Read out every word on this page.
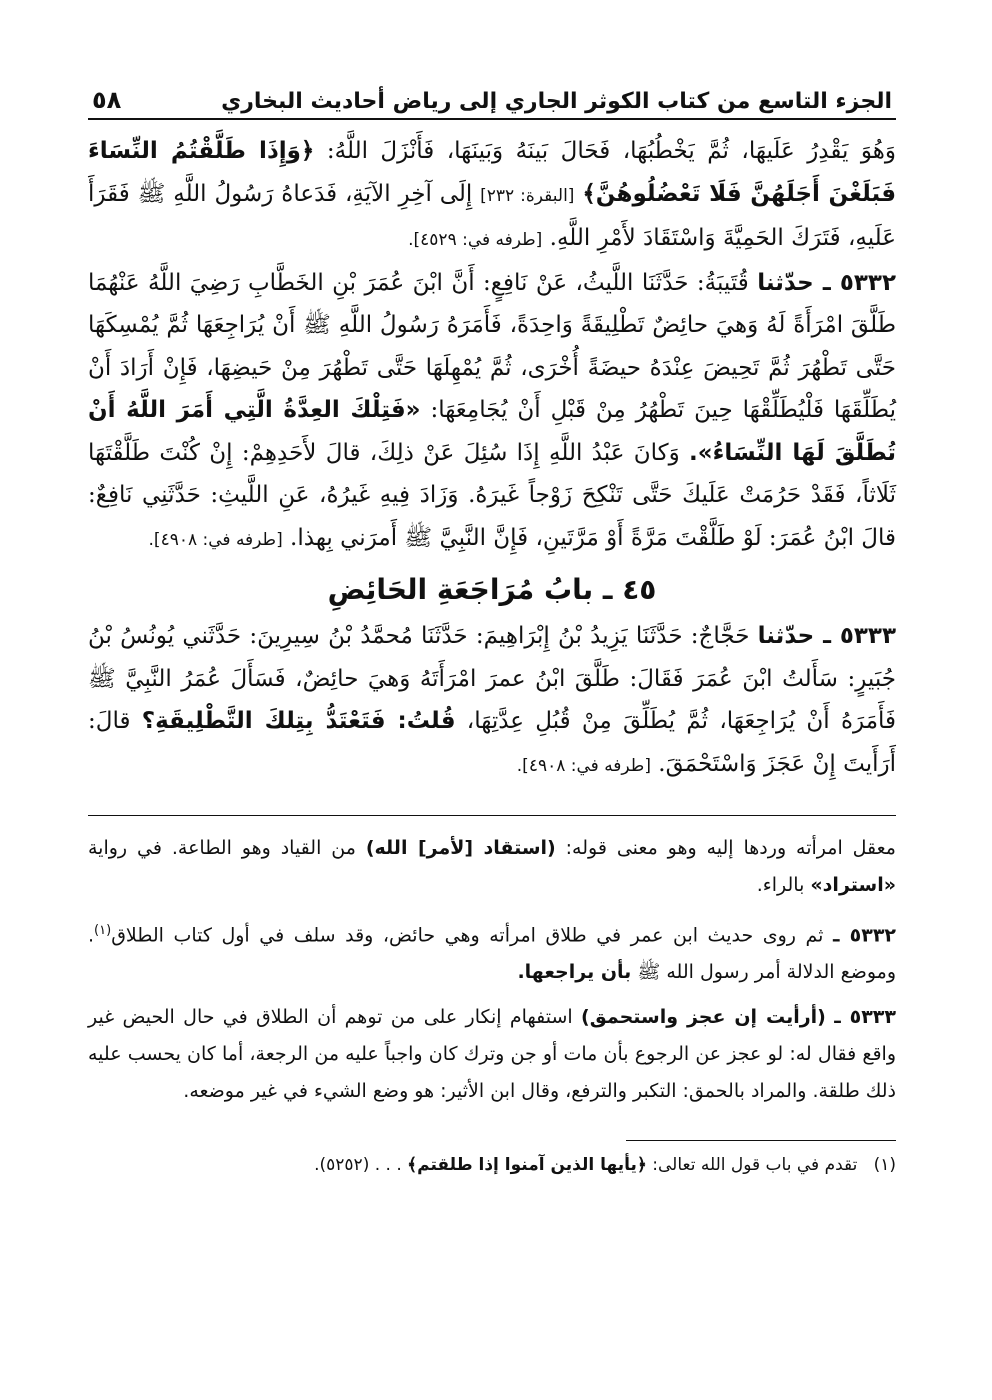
الجزء التاسع من كتاب الكوثر الجاري إلى رياض أحاديث البخاري
٥٨

وَهُوَ يَقْدِرُ عَلَيهَا، ثُمَّ يَخْطُبُهَا، فَحَالَ بَينَهُ وَبَينَهَا، فَأَنْزَلَ اللَّهُ: ﴿وَإِذَا طَلَّقْتُمُ النِّسَاءَ فَبَلَغْنَ أَجَلَهُنَّ فَلَا تَعْضُلُوهُنَّ﴾ [البقرة: ٢٣٢] إِلَى آخِرِ الآيَةِ، فَدَعاهُ رَسُولُ اللَّهِ ﷺ فَقَرَأَ عَلَيهِ، فَتَرَكَ الحَمِيَّةَ وَاسْتَقَادَ لأَمْرِ اللَّهِ. [طرفه في: ٤٥٢٩].

٥٣٣٢ ـ حدّثنا قُتَيبَةُ: حَدَّثَنَا اللَّيثُ، عَنْ نَافِعٍ: أَنَّ ابْنَ عُمَرَ بْنِ الخَطَّابِ رَضِيَ اللَّهُ عَنْهُمَا طَلَّقَ امْرَأَةً لَهُ وَهيَ حائِضٌ تَطْلِيقَةً وَاحِدَةً، فَأَمَرَهُ رَسُولُ اللَّهِ ﷺ أَنْ يُرَاجِعَهَا ثُمَّ يُمْسِكَهَا حَتَّى تَطْهُرَ ثُمَّ تَحِيضَ عِنْدَهُ حيضَةً أُخْرَى، ثُمَّ يُمْهِلَهَا حَتَّى تَطْهُرَ مِنْ حَيضِهَا، فَإِنْ أَرَادَ أَنْ يُطَلِّقَهَا فَلْيُطَلِّقْهَا حِينَ تَطْهُرُ مِنْ قَبْلِ أَنْ يُجَامِعَهَا: «فَتِلْكَ العِدَّةُ الَّتِي أَمَرَ اللَّهُ أَنْ تُطَلَّقَ لَهَا النِّسَاءُ». وَكانَ عَبْدُ اللَّهِ إِذَا سُئِلَ عَنْ ذلِكَ، قالَ لأَحَدِهِمْ: إِنْ كُنْتَ طَلَّقْتَهَا ثَلَاثاً، فَقَدْ حَرُمَتْ عَلَيكَ حَتَّى تَنْكِحَ زَوْجاً غَيرَهُ. وَزَادَ فِيهِ غَيرُهُ، عَنِ اللَّيثِ: حَدَّثَنِي نَافِعٌ: قالَ ابْنُ عُمَرَ: لَوْ طَلَّقْتَ مَرَّةً أَوْ مَرَّتَينِ، فَإِنَّ النَّبِيَّ ﷺ أَمرَني بِهذا. [طرفه في: ٤٩٠٨].

٤٥ ـ بابُ مُرَاجَعَةِ الحَائِضِ

٥٣٣٣ ـ حدّثنا حَجَّاجٌ: حَدَّثَنَا يَزِيدُ بْنُ إِبْرَاهِيمَ: حَدَّثَنَا مُحمَّدُ بْنُ سِيرِينَ: حَدَّثَني يُونُسُ بْنُ جُبَيرٍ: سَأَلتُ ابْنَ عُمَرَ فَقَالَ: طَلَّقَ ابْنُ عمرَ امْرَأَتَهُ وَهيَ حائِضٌ، فَسَأَلَ عُمَرُ النَّبِيَّ ﷺ فَأَمَرَهُ أَنْ يُرَاجِعَهَا، ثُمَّ يُطَلِّقَ مِنْ قُبُلِ عِدَّتِهَا، قُلتُ: فَتَعْتَدُّ بِتِلكَ التَّطْلِيقَةِ؟ قالَ: أَرَأَيتَ إِنْ عَجَزَ وَاسْتَحْمَقَ. [طرفه في: ٤٩٠٨].

معقل امرأته وردها إليه وهو معنى قوله: (استقاد [لأمر] الله) من القياد وهو الطاعة. في رواية «استراد» بالراء.

٥٣٣٢ ـ ثم روى حديث ابن عمر في طلاق امرأته وهي حائض، وقد سلف في أول كتاب الطلاق$^{(١)}$. وموضع الدلالة أمر رسول الله ﷺ بأن يراجعها.

٥٣٣٣ ـ (أرأيت إن عجز واستحمق) استفهام إنكار على من توهم أن الطلاق في حال الحيض غير واقع فقال له: لو عجز عن الرجوع بأن مات أو جن وترك كان واجباً عليه من الرجعة، أما كان يحسب عليه ذلك طلقة. والمراد بالحمق: التكبر والترفع، وقال ابن الأثير: هو وضع الشيء في غير موضعه.

(١)   تقدم في باب قول الله تعالى: ﴿يأيها الذين آمنوا إذا طلقتم﴾ . . . (٥٢٥٢).
